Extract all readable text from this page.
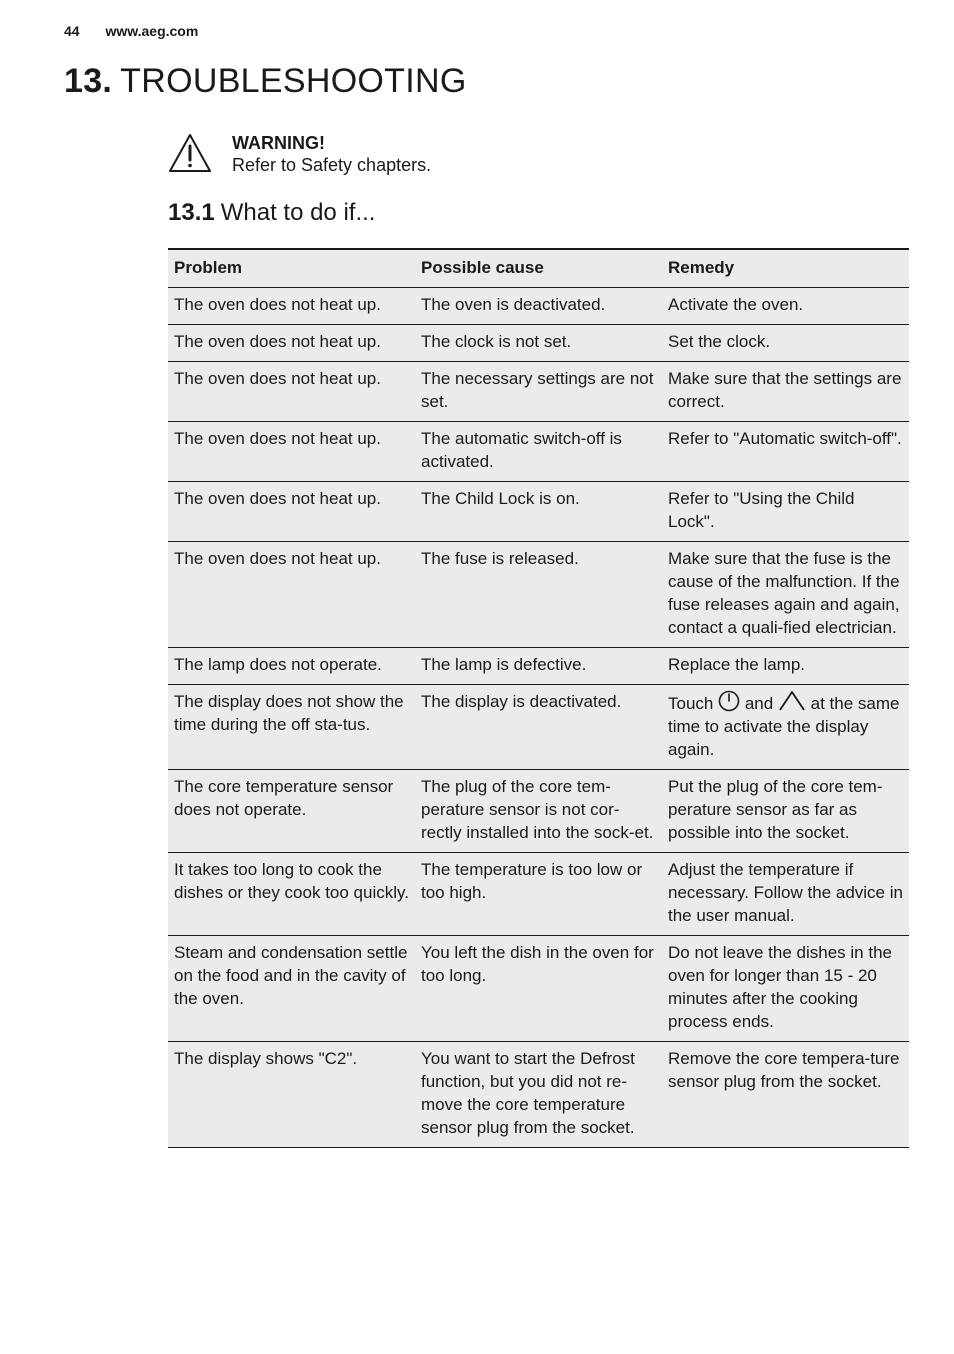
44 www.aeg.com
13. TROUBLESHOOTING
WARNING!
Refer to Safety chapters.
13.1 What to do if...
Problem	Possible cause	Remedy
The oven does not heat up.	The oven is deactivated.	Activate the oven.
The oven does not heat up.	The clock is not set.	Set the clock.
The oven does not heat up.	The necessary settings are not set.	Make sure that the settings are correct.
The oven does not heat up.	The automatic switch-off is activated.	Refer to "Automatic switch-off".
The oven does not heat up.	The Child Lock is on.	Refer to "Using the Child Lock".
The oven does not heat up.	The fuse is released.	Make sure that the fuse is the cause of the malfunction. If the fuse releases again and again, contact a quali-fied electrician.
The lamp does not operate.	The lamp is defective.	Replace the lamp.
The display does not show the time during the off sta-tus.	The display is deactivated.	Touch  and  at the same time to activate the display again.
The core temperature sensor does not operate.	The plug of the core tem-perature sensor is not cor-rectly installed into the sock-et.	Put the plug of the core tem-perature sensor as far as possible into the socket.
It takes too long to cook the dishes or they cook too quickly.	The temperature is too low or too high.	Adjust the temperature if necessary. Follow the advice in the user manual.
Steam and condensation settle on the food and in the cavity of the oven.	You left the dish in the oven for too long.	Do not leave the dishes in the oven for longer than 15 - 20 minutes after the cooking process ends.
The display shows "C2".	You want to start the Defrost function, but you did not re-move the core temperature sensor plug from the socket.	Remove the core tempera-ture sensor plug from the socket.
